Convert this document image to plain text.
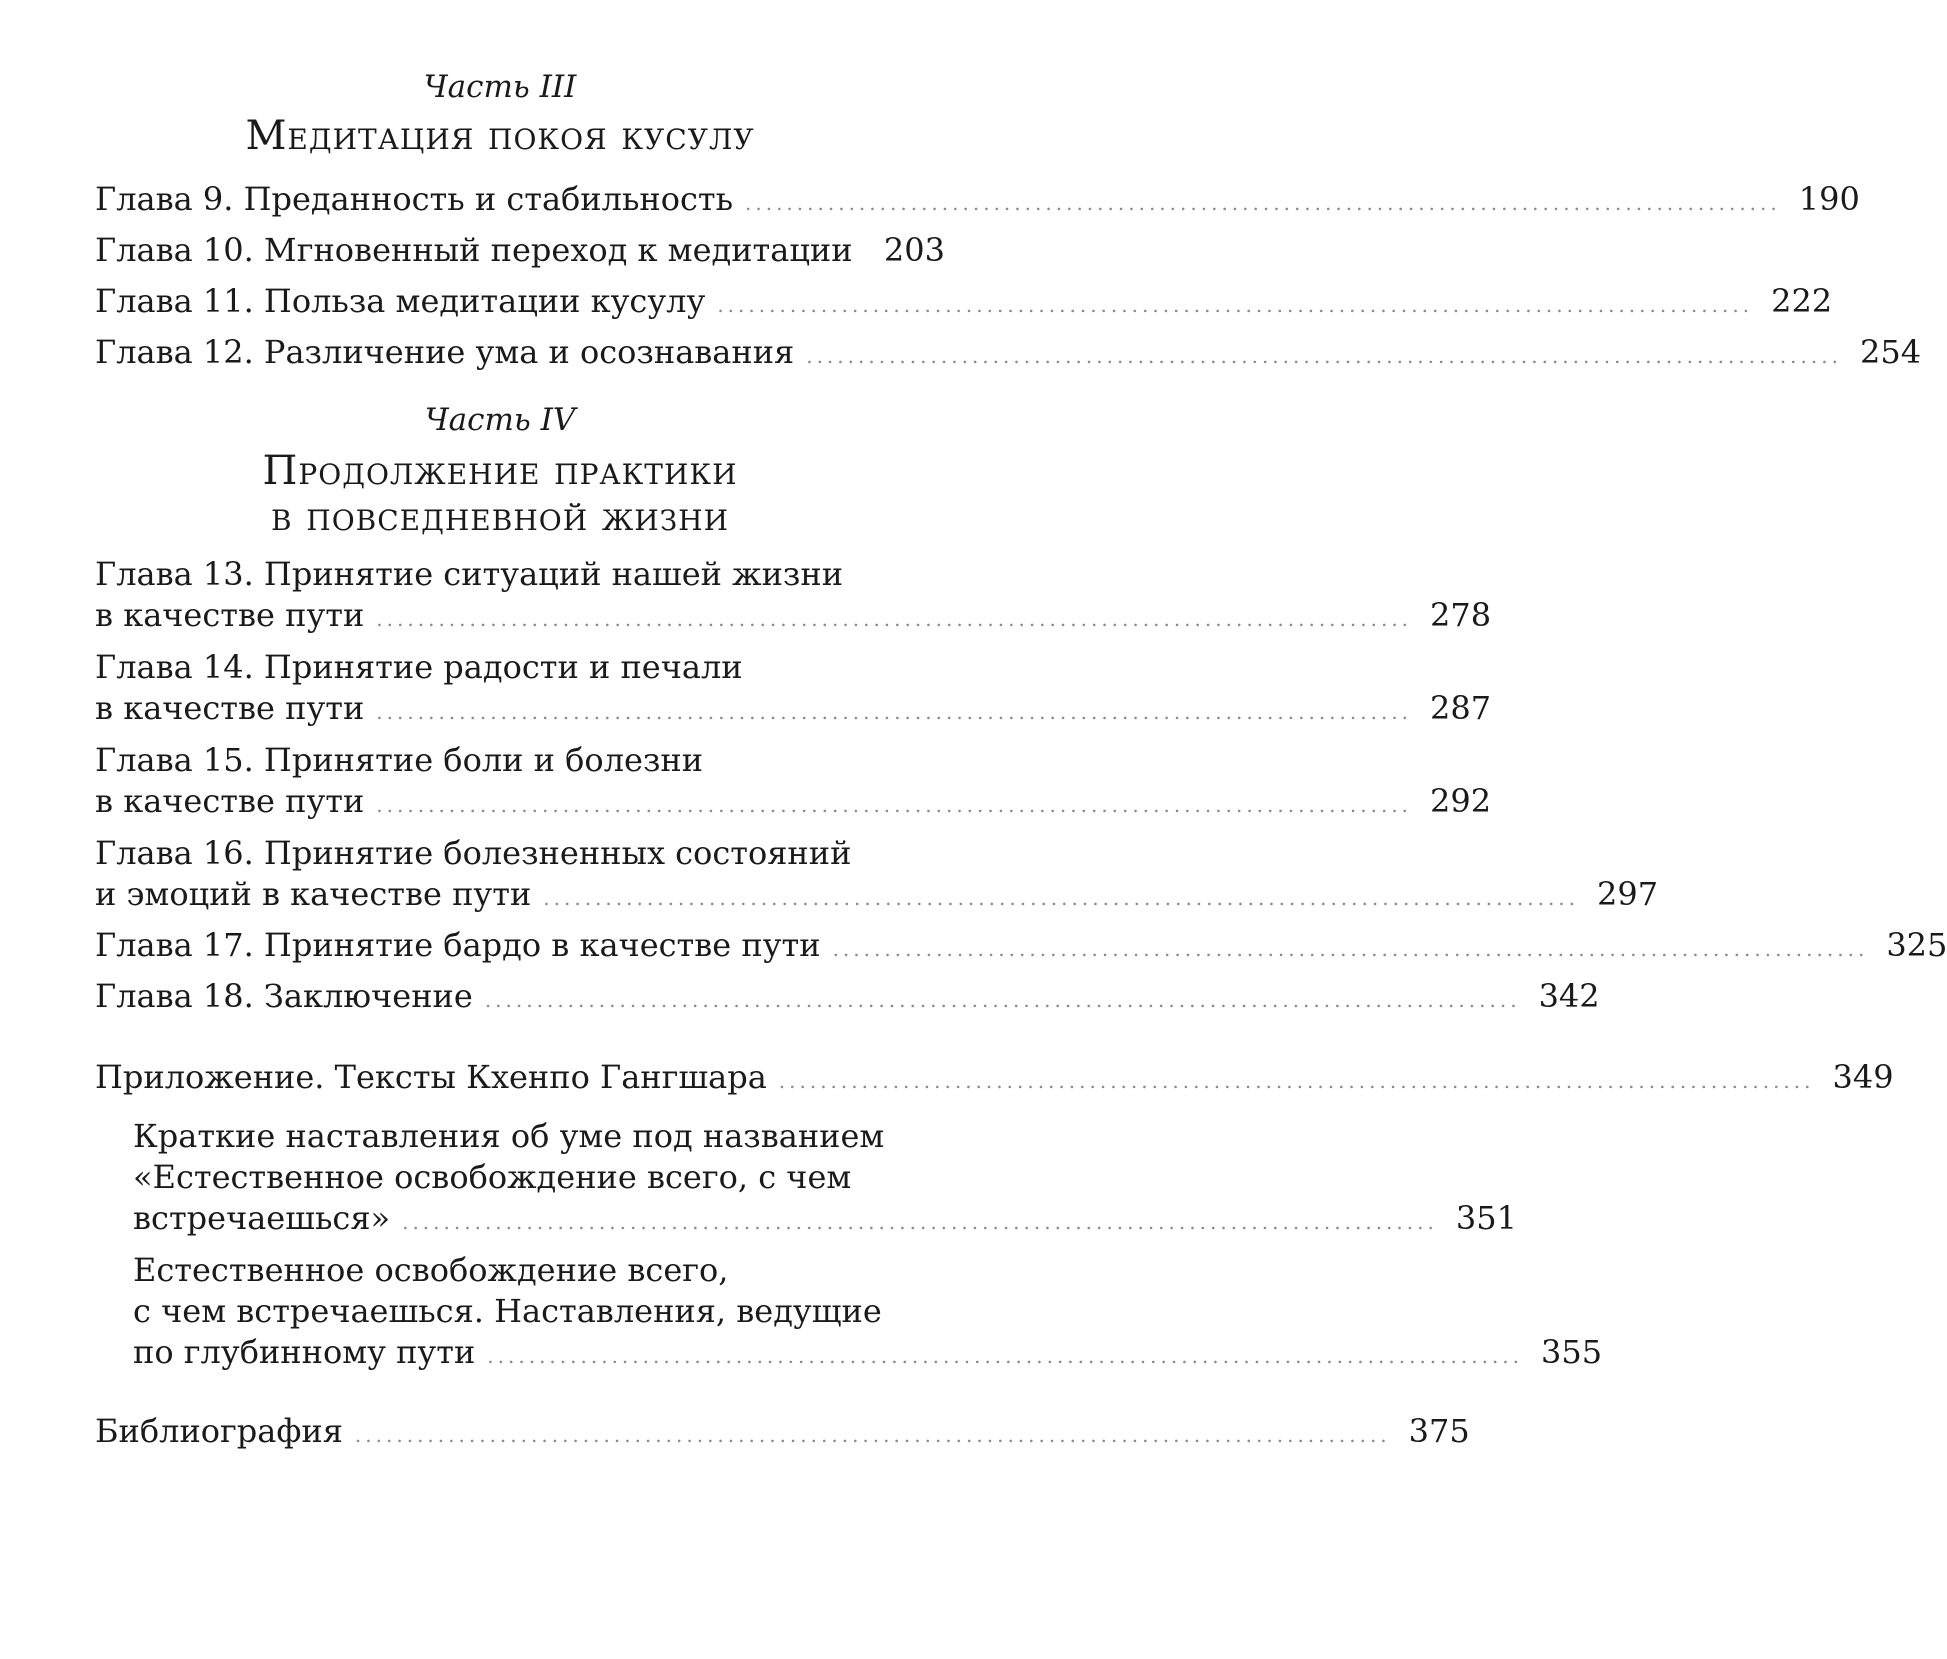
Часть III
Медитация покоя кусулу
Глава 9. Преданность и стабильность .................................................................................................... 190
Глава 10. Мгновенный переход к медитации 203
Глава 11. Польза медитации кусулу .................................................................................................... 222
Глава 12. Различение ума и осознавания .................................................................................................... 254
Часть IV
Продолжение практики
в повседневной жизни
Глава 13. Принятие ситуаций нашей жизни
в качестве пути .................................................................................................... 278
Глава 14. Принятие радости и печали
в качестве пути .................................................................................................... 287
Глава 15. Принятие боли и болезни
в качестве пути .................................................................................................... 292
Глава 16. Принятие болезненных состояний
и эмоций в качестве пути .................................................................................................... 297
Глава 17. Принятие бардо в качестве пути .................................................................................................... 325
Глава 18. Заключение .................................................................................................... 342
Приложение. Тексты Кхенпо Гангшара .................................................................................................... 349
Краткие наставления об уме под названием
«Естественное освобождение всего, с чем
встречаешься» .................................................................................................... 351
Естественное освобождение всего,
с чем встречаешься. Наставления, ведущие
по глубинному пути .................................................................................................... 355
Библиография .................................................................................................... 375
